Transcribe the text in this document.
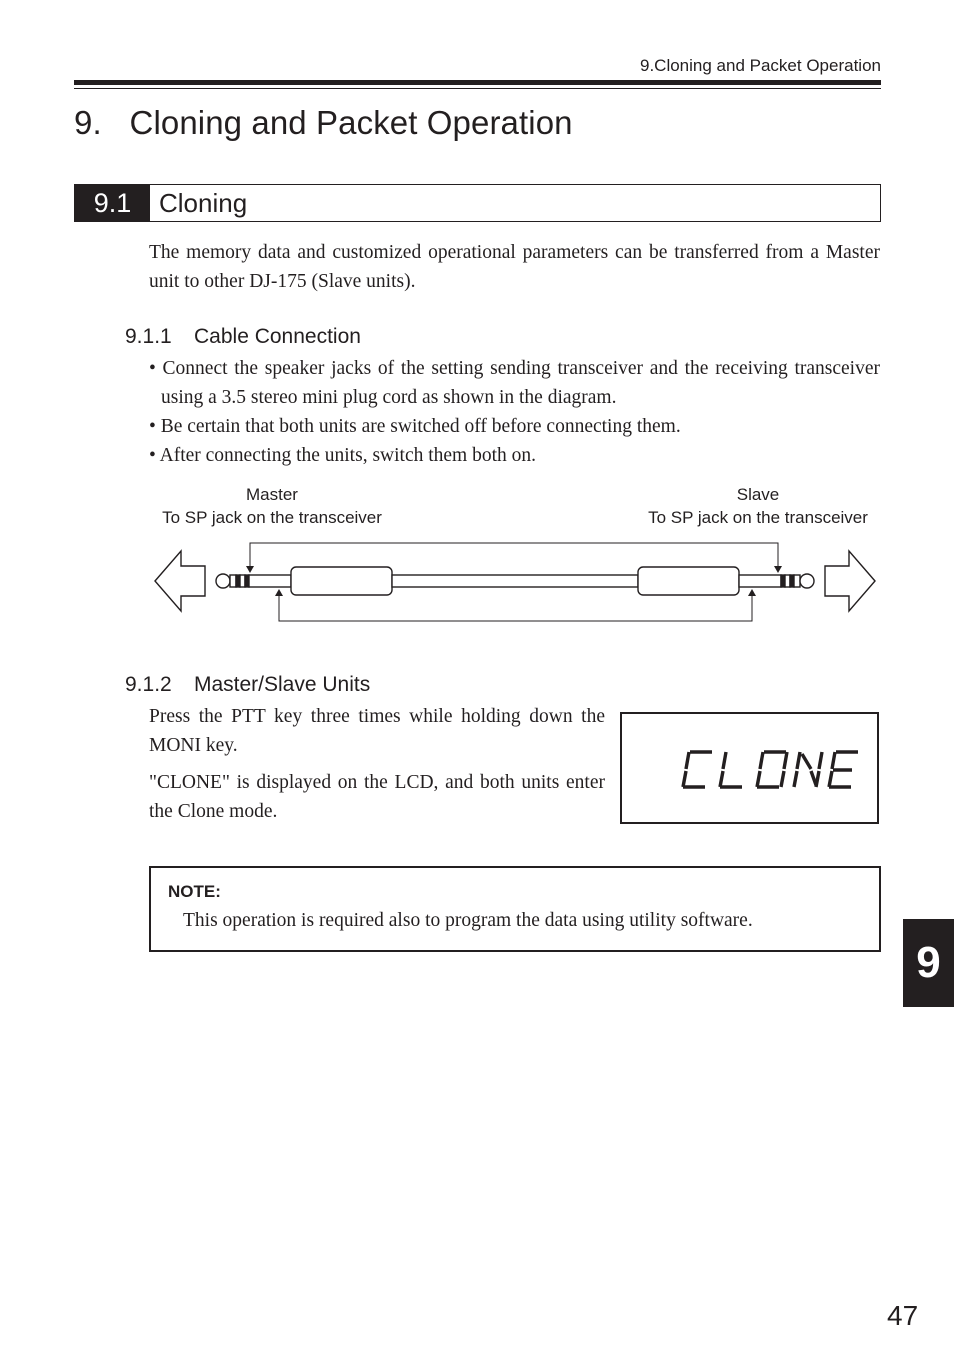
9.Cloning and Packet Operation
9.   Cloning and Packet Operation
9.1	Cloning
The memory data and customized operational parameters can be transferred from a Master unit to other DJ-175 (Slave units).
9.1.1 Cable Connection
• Connect the speaker jacks of the setting sending transceiver and the receiving transceiver using a 3.5 stereo mini plug cord as shown in the diagram.
• Be certain that both units are switched off before connecting them.
• After connecting the units, switch them both on.
Master
To SP jack on the transceiver
Slave
To SP jack on the transceiver
9.1.2 Master/Slave Units

Press the PTT key three times while holding down the MONI key.

"CLONE" is displayed on the LCD, and both units enter the Clone mode.

NOTE:
This operation is required also to program the data using utility software.
9
47
